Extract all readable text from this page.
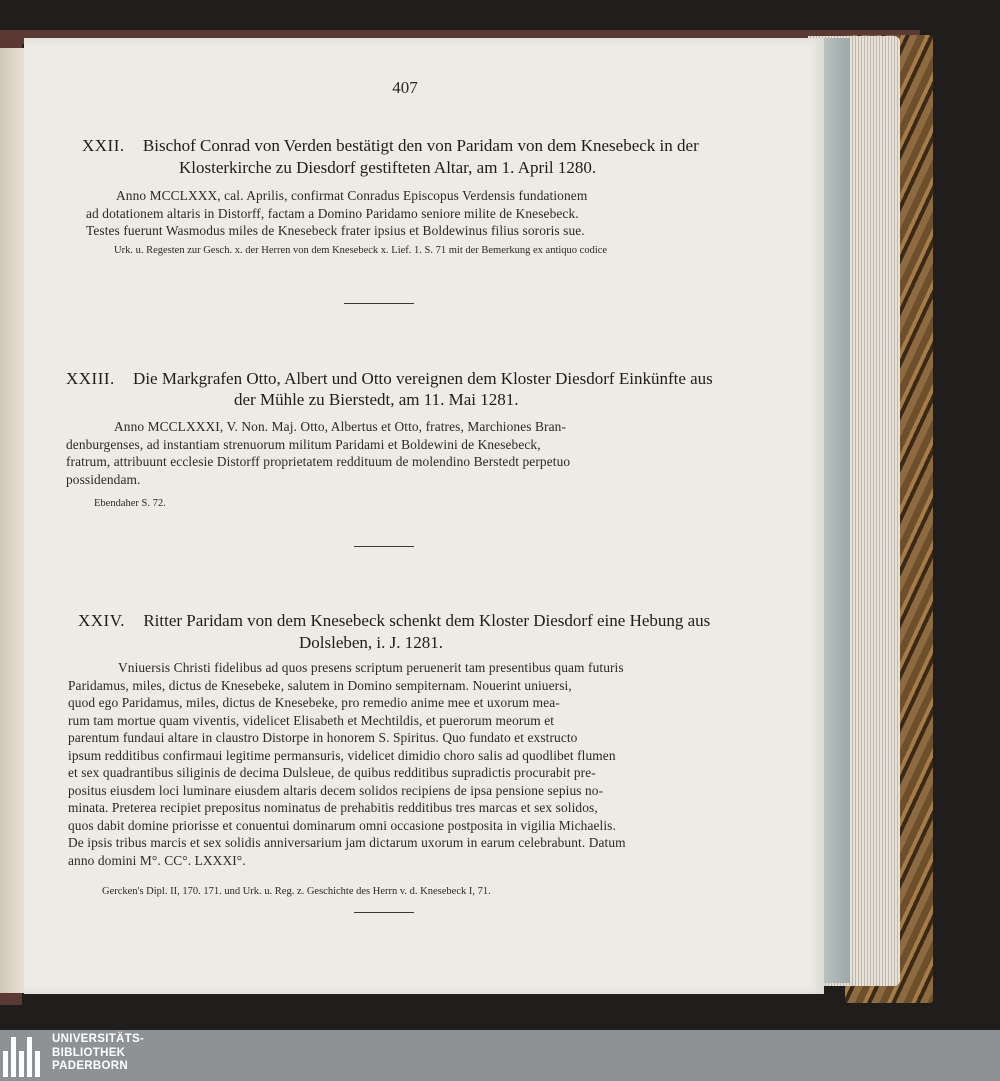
407
XXII. Bischof Conrad von Verden bestätigt den von Paridam von dem Knesebeck in der
Klosterkirche zu Diesdorf gestifteten Altar, am 1. April 1280.
Anno MCCLXXX, cal. Aprilis, confirmat Conradus Episcopus Verdensis fundationem
ad dotationem altaris in Distorff, factam a Domino Paridamo seniore milite de Knesebeck.
Testes fuerunt Wasmodus miles de Knesebeck frater ipsius et Boldewinus filius sororis sue.
Urk. u. Regesten zur Gesch. x. der Herren von dem Knesebeck x. Lief. 1. S. 71 mit der Bemerkung ex antiquo codice
XXIII. Die Markgrafen Otto, Albert und Otto vereignen dem Kloster Diesdorf Einkünfte aus
der Mühle zu Bierstedt, am 11. Mai 1281.
Anno MCCLXXXI, V. Non. Maj. Otto, Albertus et Otto, fratres, Marchiones Bran-
denburgenses, ad instantiam strenuorum militum Paridami et Boldewini de Knesebeck,
fratrum, attribuunt ecclesie Distorff proprietatem reddituum de molendino Berstedt perpetuo
possidendam.
Ebendaher S. 72.
XXIV. Ritter Paridam von dem Knesebeck schenkt dem Kloster Diesdorf eine Hebung aus
Dolsleben, i. J. 1281.
Vniuersis Christi fidelibus ad quos presens scriptum peruenerit tam presentibus quam futuris
Paridamus, miles, dictus de Knesebeke, salutem in Domino sempiternam. Nouerint uniuersi,
quod ego Paridamus, miles, dictus de Knesebeke, pro remedio anime mee et uxorum mea-
rum tam mortue quam viventis, videlicet Elisabeth et Mechtildis, et puerorum meorum et
parentum fundaui altare in claustro Distorpe in honorem S. Spiritus. Quo fundato et exstructo
ipsum redditibus confirmaui legitime permansuris, videlicet dimidio choro salis ad quodlibet flumen
et sex quadrantibus siliginis de decima Dulsleue, de quibus redditibus supradictis procurabit pre-
positus eiusdem loci luminare eiusdem altaris decem solidos recipiens de ipsa pensione sepius no-
minata. Preterea recipiet prepositus nominatus de prehabitis redditibus tres marcas et sex solidos,
quos dabit domine priorisse et conuentui dominarum omni occasione postposita in vigilia Michaelis.
De ipsis tribus marcis et sex solidis anniversarium jam dictarum uxorum in earum celebrabunt. Datum
anno domini M°. CC°. LXXXI°.
Gercken's Dipl. II, 170. 171. und Urk. u. Reg. z. Geschichte des Herrn v. d. Knesebeck I, 71.
UNIVERSITÄTS-
BIBLIOTHEK
PADERBORN
